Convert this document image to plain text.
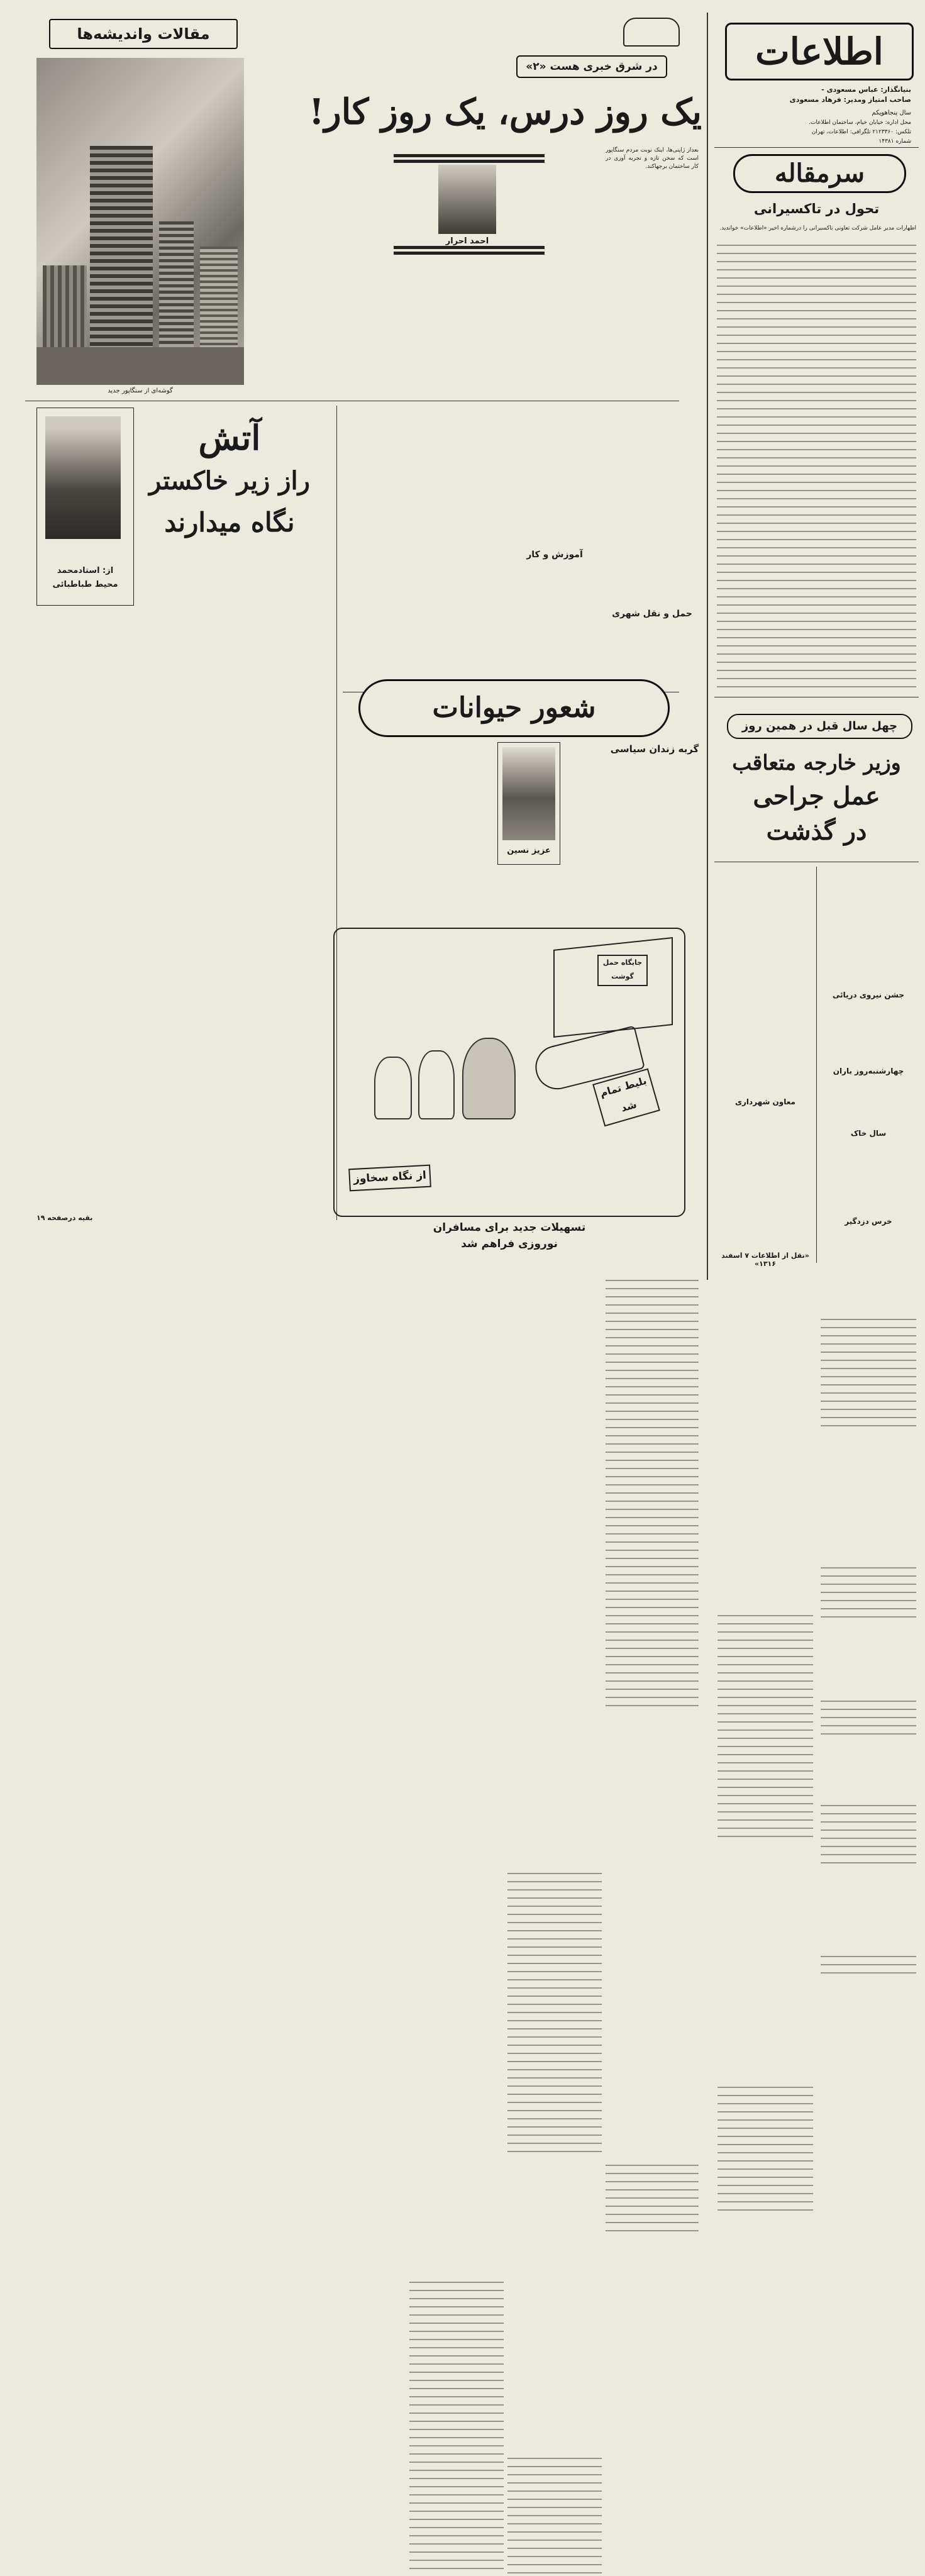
اطلاعات
بنیانگذار: عباس مسعودی -
صاحب امتیاز ومدیر: فرهاد مسعودی
سال پنجاهویکم
محل اداره: خیابان خیام، ساختمان اطلاعات.
تلکس: ۲۱۲۳۳۶۰ تلگرافی: اطلاعات، تهران
شماره ۱۴۳۸۱
سرمقاله
تحول در تاکسیرانی
اظهارات مدیر عامل شرکت تعاونی تاکسیرانی را درشماره اخیر «اطلاعات» خواندید.
چهل سال قبل در همین روز
وزیر خارجه متعاقب
عمل جراحی
در گذشت
جشن نیروی دریائی
چهارشنبه‌روز باران
سال خاک
خرس دزدگیر
معاون شهرداری
«نقل از اطلاعات ۷ اسفند ۱۳۱۶»
مقالات واندیشه‌ها
گوشه‌ای از سنگاپور جدید
در شرق خبری هست «۲»
یک روز درس، یک روز کار!
احمد احرار
بعداز ژاپنی‌ها، اینک نوبت مردم سنگاپور است که سخن تازه و تجربه آوری در کار ساختمان برجهاکند.
حمل و نقل شهری
آموزش و کار
از: استادمحمد
محیط طباطبائی
آتش
راز زیر خاکستر
نگاه میدارند
بقیه درصفحه ۱۹
شعور حیوانات
گربه زندان سیاسی
عزیز نسین
جایگاه حمل گوشت
بلیط تمام شد
از نگاه سخاوز
تسهیلات جدید برای مسافران
نوروزی فراهم شد
